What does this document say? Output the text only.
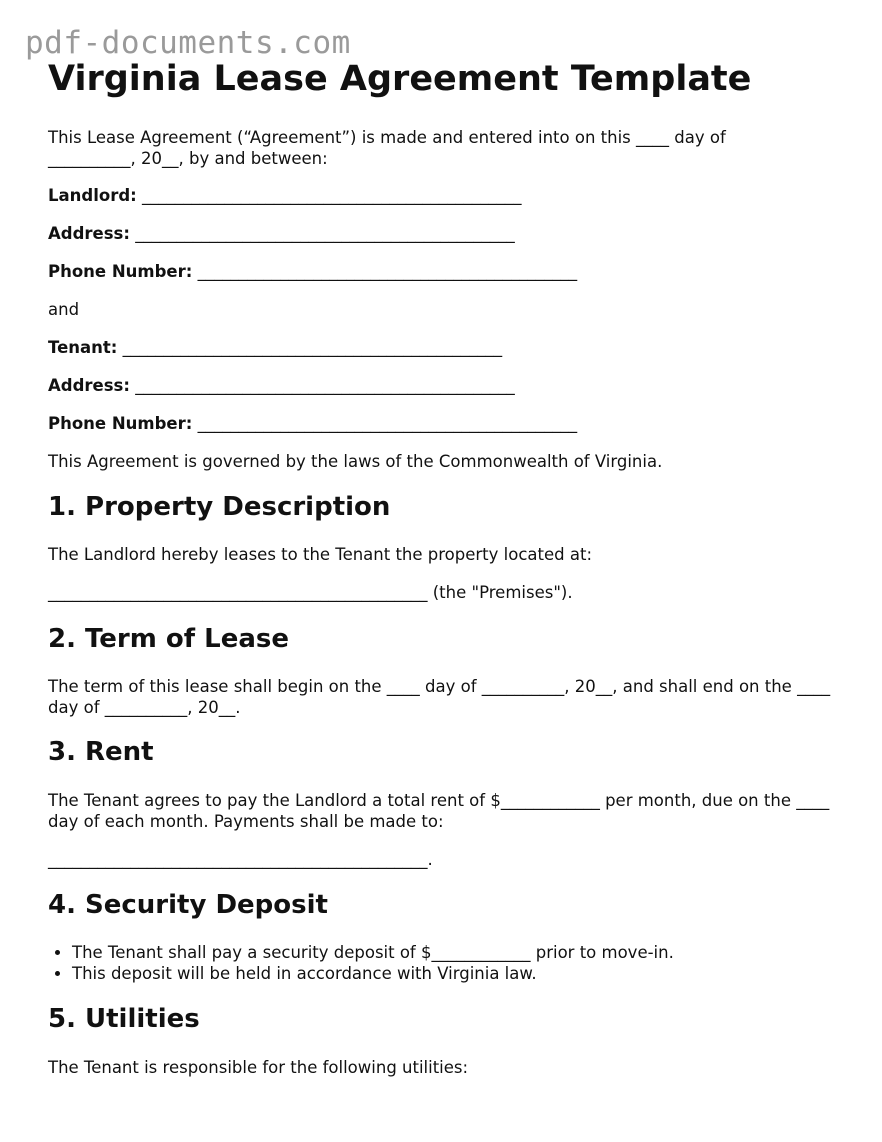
pdf-documents.com
Virginia Lease Agreement Template

This Lease Agreement (“Agreement”) is made and entered into on this ____ day of __________, 20__, by and between:

Landlord: ______________________________________________
Address: ______________________________________________
Phone Number: ______________________________________________

and

Tenant: ______________________________________________
Address: ______________________________________________
Phone Number: ______________________________________________

This Agreement is governed by the laws of the Commonwealth of Virginia.

1. Property Description

The Landlord hereby leases to the Tenant the property located at:

______________________________________________ (the "Premises").

2. Term of Lease

The term of this lease shall begin on the ____ day of __________, 20__, and shall end on the ____ day of __________, 20__.

3. Rent

The Tenant agrees to pay the Landlord a total rent of $____________ per month, due on the ____ day of each month. Payments shall be made to:

______________________________________________.

4. Security Deposit
• The Tenant shall pay a security deposit of $____________ prior to move-in.
• This deposit will be held in accordance with Virginia law.
5. Utilities

The Tenant is responsible for the following utilities:
